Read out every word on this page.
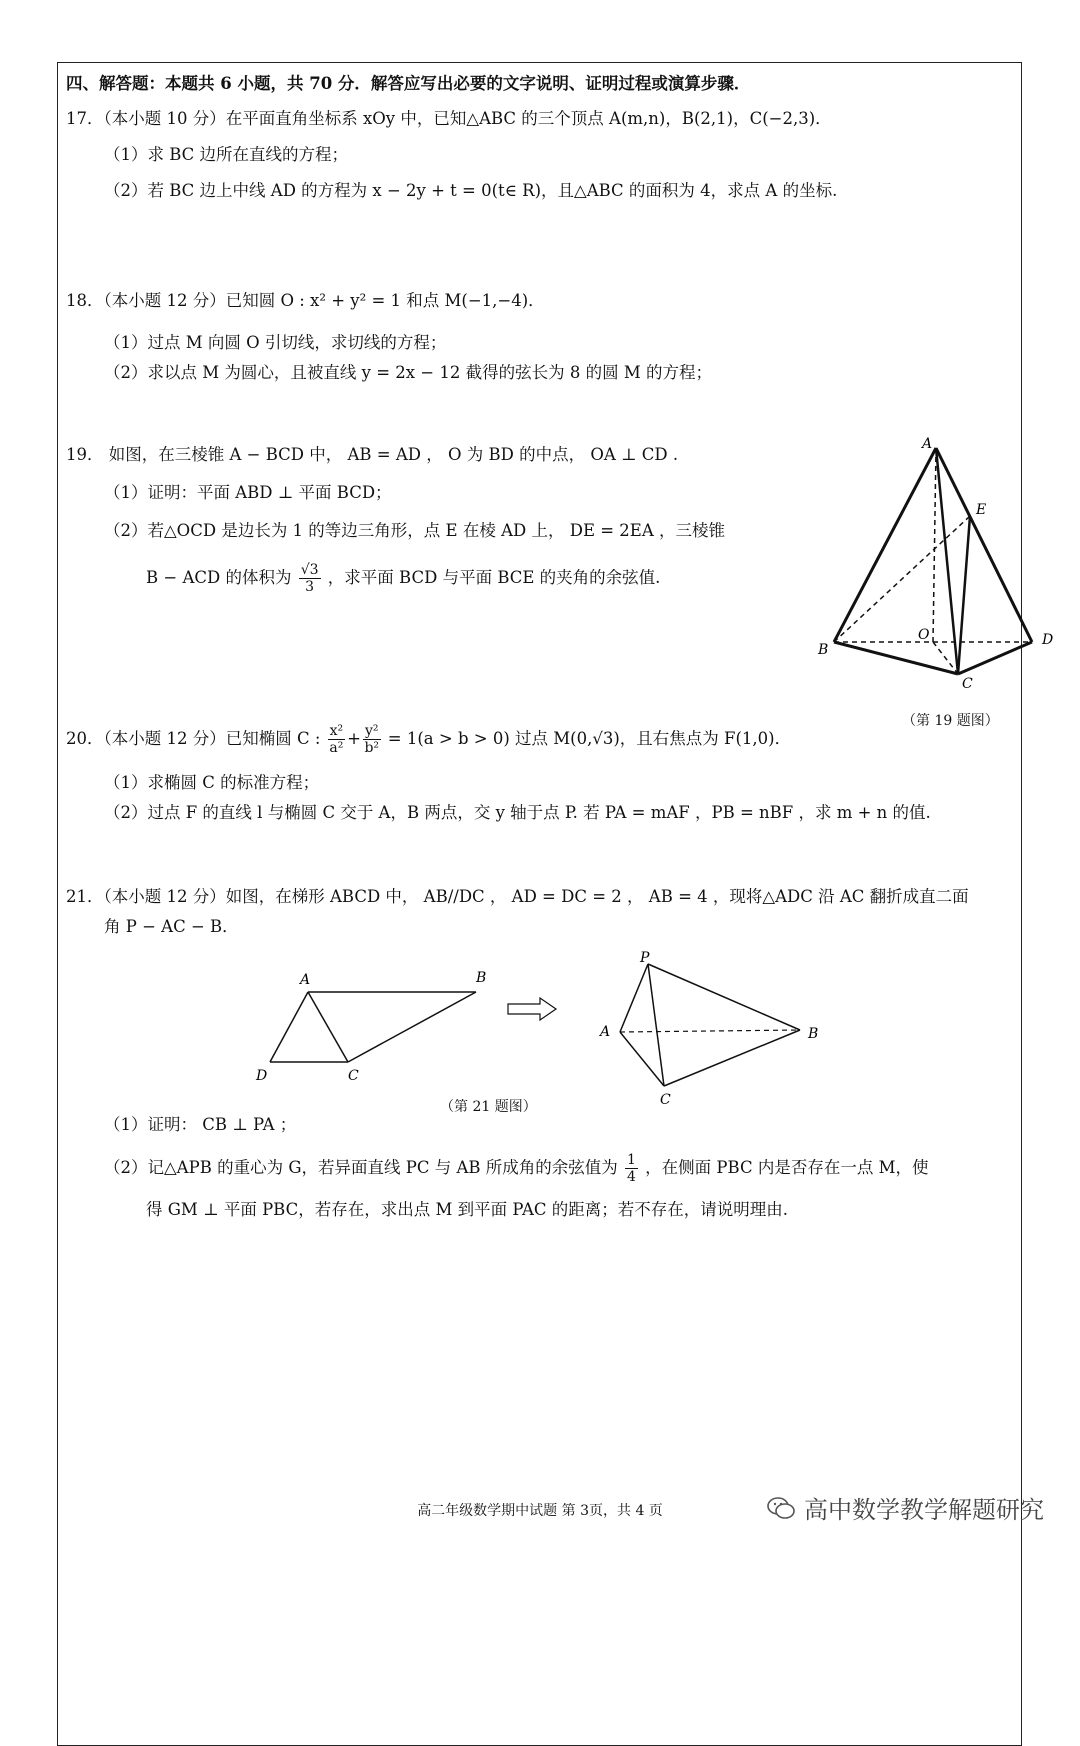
四、解答题：本题共 6 小题，共 70 分．解答应写出必要的文字说明、证明过程或演算步骤．
17．（本小题 10 分）在平面直角坐标系 xOy 中，已知△ABC 的三个顶点 A(m,n)，B(2,1)，C(−2,3)．
（1）求 BC 边所在直线的方程；
（2）若 BC 边上中线 AD 的方程为 x − 2y + t = 0(t∈ R)，且△ABC 的面积为 4，求点 A 的坐标.
18．（本小题 12 分）已知圆 O : x² + y² = 1 和点 M(−1,−4)．
（1）过点 M 向圆 O 引切线，求切线的方程；
（2）求以点 M 为圆心，且被直线 y = 2x − 12 截得的弦长为 8 的圆 M 的方程；
19． 如图，在三棱锥 A − BCD 中， AB = AD ， O 为 BD 的中点， OA ⊥ CD .
（1）证明：平面 ABD ⊥ 平面 BCD；
（2）若△OCD 是边长为 1 的等边三角形，点 E 在棱 AD 上， DE = 2EA ，三棱锥
B − ACD 的体积为 $\frac{√3}{3}$ ，求平面 BCD 与平面 BCE 的夹角的余弦值.
A
E
O
B
D
C
（第 19 题图）
20．（本小题 12 分）已知椭圆 C : $\frac{\text{x²}}{\text{a²}} + \frac{\text{y²}}{\text{b²}} = 1(a > b > 0)$ 过点 M(0,√3)，且右焦点为 F(1,0)．
（1）求椭圆 C 的标准方程；
（2）过点 F 的直线 l 与椭圆 C 交于 A，B 两点，交 y 轴于点 P. 若 PA = mAF ，PB = nBF ，求 m + n 的值.
21．（本小题 12 分）如图，在梯形 ABCD 中， AB//DC ， AD = DC = 2 ， AB = 4 ，现将△ADC 沿 AC 翻折成直二面
角 P − AC − B．
A	B
D	C
P
A	B
C
（第 21 题图）
（1）证明： CB ⊥ PA ；
（2）记△APB 的重心为 G，若异面直线 PC 与 AB 所成角的余弦值为 $\frac{1}{4}$ ，在侧面 PBC 内是否存在一点 M，使
得 GM ⊥ 平面 PBC，若存在，求出点 M 到平面 PAC 的距离；若不存在，请说明理由.
高二年级数学期中试题 第 3页，共 4 页	高中数学教学解题研究
